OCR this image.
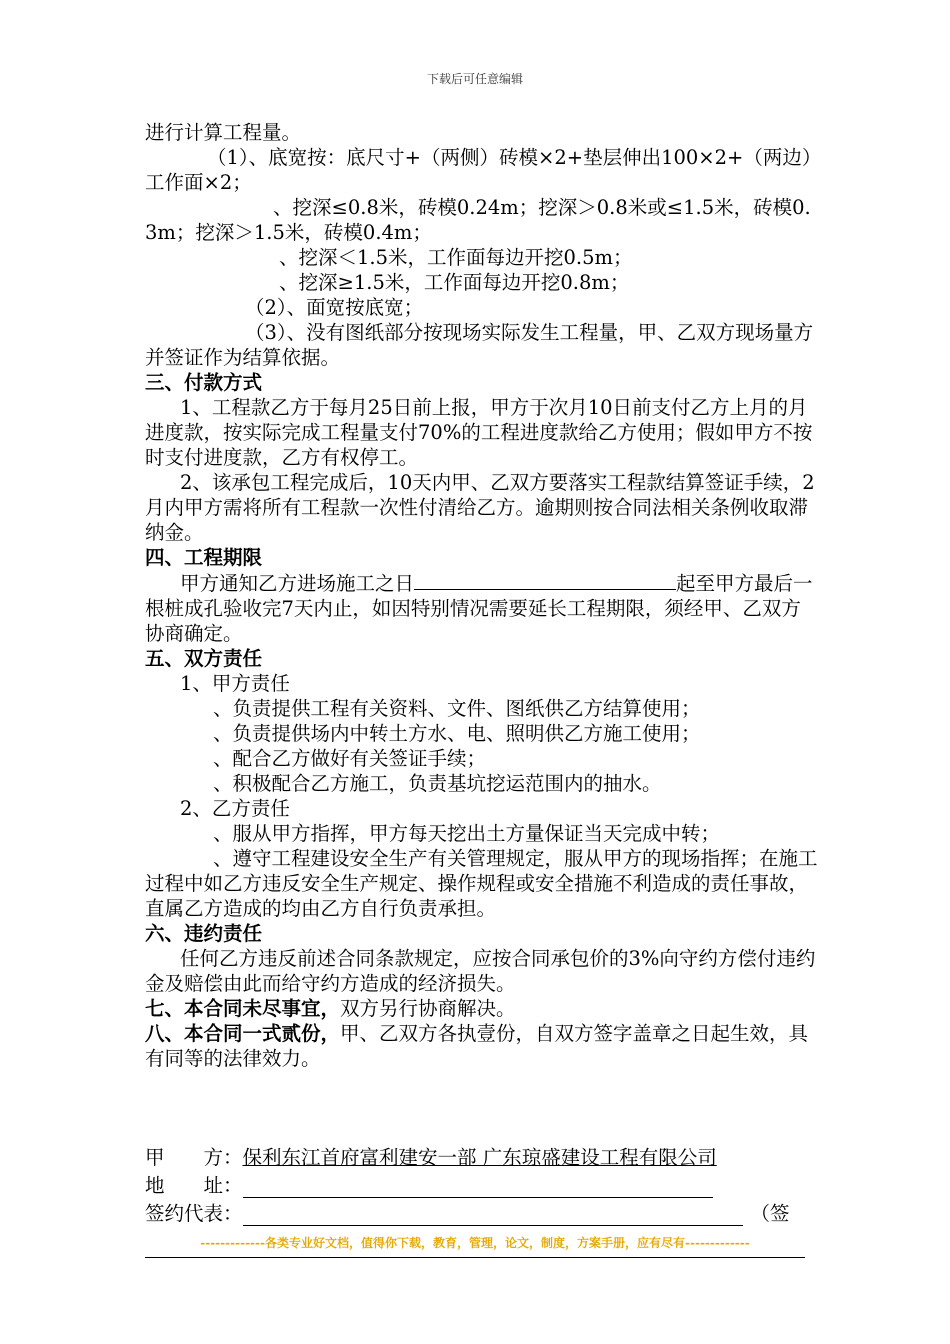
下载后可任意编辑

进行计算工程量。

（1）、底宽按：底尺寸+（两侧）砖模×2+垫层伸出100×2+（两边）工作面×2；

、挖深≤0.8米，砖模0.24m；挖深＞0.8米或≤1.5米，砖模0.3m；挖深＞1.5米，砖模0.4m；

、挖深＜1.5米，工作面每边开挖0.5m；

、挖深≥1.5米，工作面每边开挖0.8m；

（2）、面宽按底宽；

（3）、没有图纸部分按现场实际发生工程量，甲、乙双方现场量方并签证作为结算依据。

三、付款方式

1、工程款乙方于每月25日前上报，甲方于次月10日前支付乙方上月的月进度款，按实际完成工程量支付70%的工程进度款给乙方使用；假如甲方不按时支付进度款，乙方有权停工。

2、该承包工程完成后，10天内甲、乙双方要落实工程款结算签证手续，2月内甲方需将所有工程款一次性付清给乙方。逾期则按合同法相关条例收取滞纳金。

四、工程期限

甲方通知乙方进场施工之日	起至甲方最后一根桩成孔验收完7天内止，如因特别情况需要延长工程期限，须经甲、乙双方协商确定。

五、双方责任

1、甲方责任

、负责提供工程有关资料、文件、图纸供乙方结算使用；

、负责提供场内中转土方水、电、照明供乙方施工使用；

、配合乙方做好有关签证手续；

、积极配合乙方施工，负责基坑挖运范围内的抽水。

2、乙方责任

、服从甲方指挥，甲方每天挖出土方量保证当天完成中转；

、遵守工程建设安全生产有关管理规定，服从甲方的现场指挥；在施工过程中如乙方违反安全生产规定、操作规程或安全措施不利造成的责任事故，直属乙方造成的均由乙方自行负责承担。

六、违约责任

任何乙方违反前述合同条款规定，应按合同承包价的3%向守约方偿付违约金及赔偿由此而给守约方造成的经济损失。

七、本合同未尽事宜，双方另行协商解决。

八、本合同一式贰份，甲、乙双方各执壹份，自双方签字盖章之日起生效，具有同等的法律效力。

甲　　方： 保利东江首府富利建安一部 广东琼盛建设工程有限公司
地　　址：
签约代表：	（签
-------------各类专业好文档，值得你下载，教育，管理，论文，制度，方案手册，应有尽有-------------
